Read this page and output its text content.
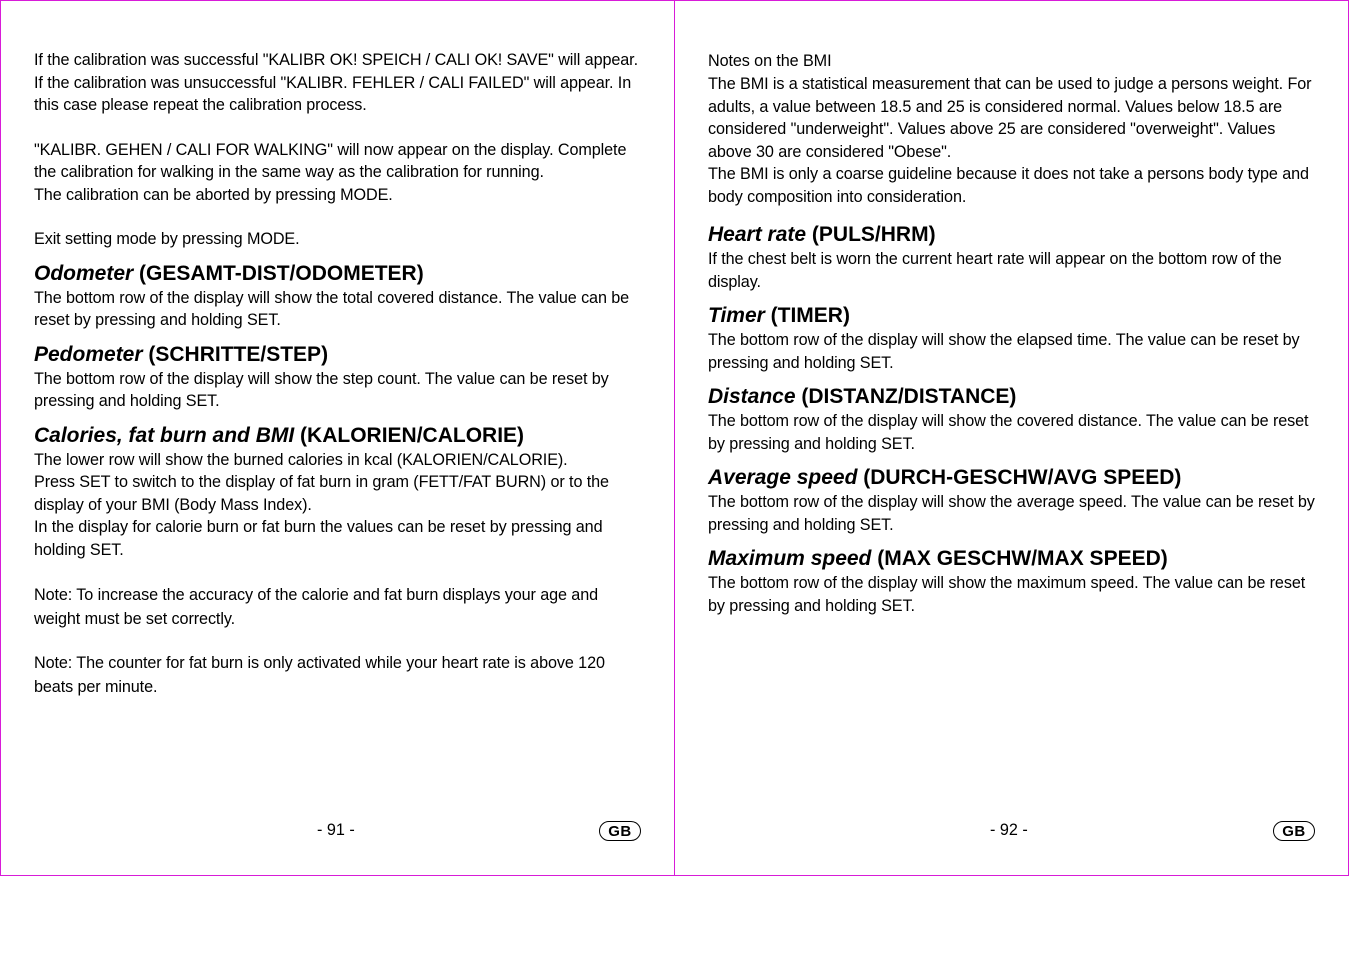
If the calibration was successful "KALIBR OK! SPEICH / CALI OK! SAVE" will appear. If the calibration was unsuccessful "KALIBR. FEHLER / CALI FAILED" will appear. In this case please repeat the calibration process.

"KALIBR. GEHEN / CALI FOR WALKING" will now appear on the display. Complete the calibration for walking in the same way as the calibration for running.

The calibration can be aborted by pressing MODE.

Exit setting mode by pressing MODE.

Odometer (GESAMT-DIST/ODOMETER)

The bottom row of the display will show the total covered distance. The value can be reset by pressing and holding SET.

Pedometer (SCHRITTE/STEP)

The bottom row of the display will show the step count. The value can be reset by pressing and holding SET.

Calories, fat burn and BMI (KALORIEN/CALORIE)

The lower row will show the burned calories in kcal (KALORIEN/CALORIE).

Press SET to switch to the display of fat burn in gram (FETT/FAT BURN) or to the display of your BMI (Body Mass Index).

In the display for calorie burn or fat burn the values can be reset by pressing and holding SET.

Note: To increase the accuracy of the calorie and fat burn displays your age and weight must be set correctly.

Note: The counter for fat burn is only activated while your heart rate is above 120 beats per minute.

- 91 -	GB

Notes on the BMI

The BMI is a statistical measurement that can be used to judge a persons weight. For adults, a value between 18.5 and 25 is considered normal. Values below 18.5 are considered "underweight". Values above 25 are considered "overweight". Values above 30 are considered "Obese".

The BMI is only a coarse guideline because it does not take a persons body type and body composition into consideration.

Heart rate (PULS/HRM)

If the chest belt is worn the current heart rate will appear on the bottom row of the display.

Timer (TIMER)

The bottom row of the display will show the elapsed time. The value can be reset by pressing and holding SET.

Distance (DISTANZ/DISTANCE)

The bottom row of the display will show the covered distance. The value can be reset by pressing and holding SET.

Average speed (DURCH-GESCHW/AVG SPEED)

The bottom row of the display will show the average speed. The value can be reset by pressing and holding SET.

Maximum speed (MAX GESCHW/MAX SPEED)

The bottom row of the display will show the maximum speed. The value can be reset by pressing and holding SET.

- 92 -	GB
